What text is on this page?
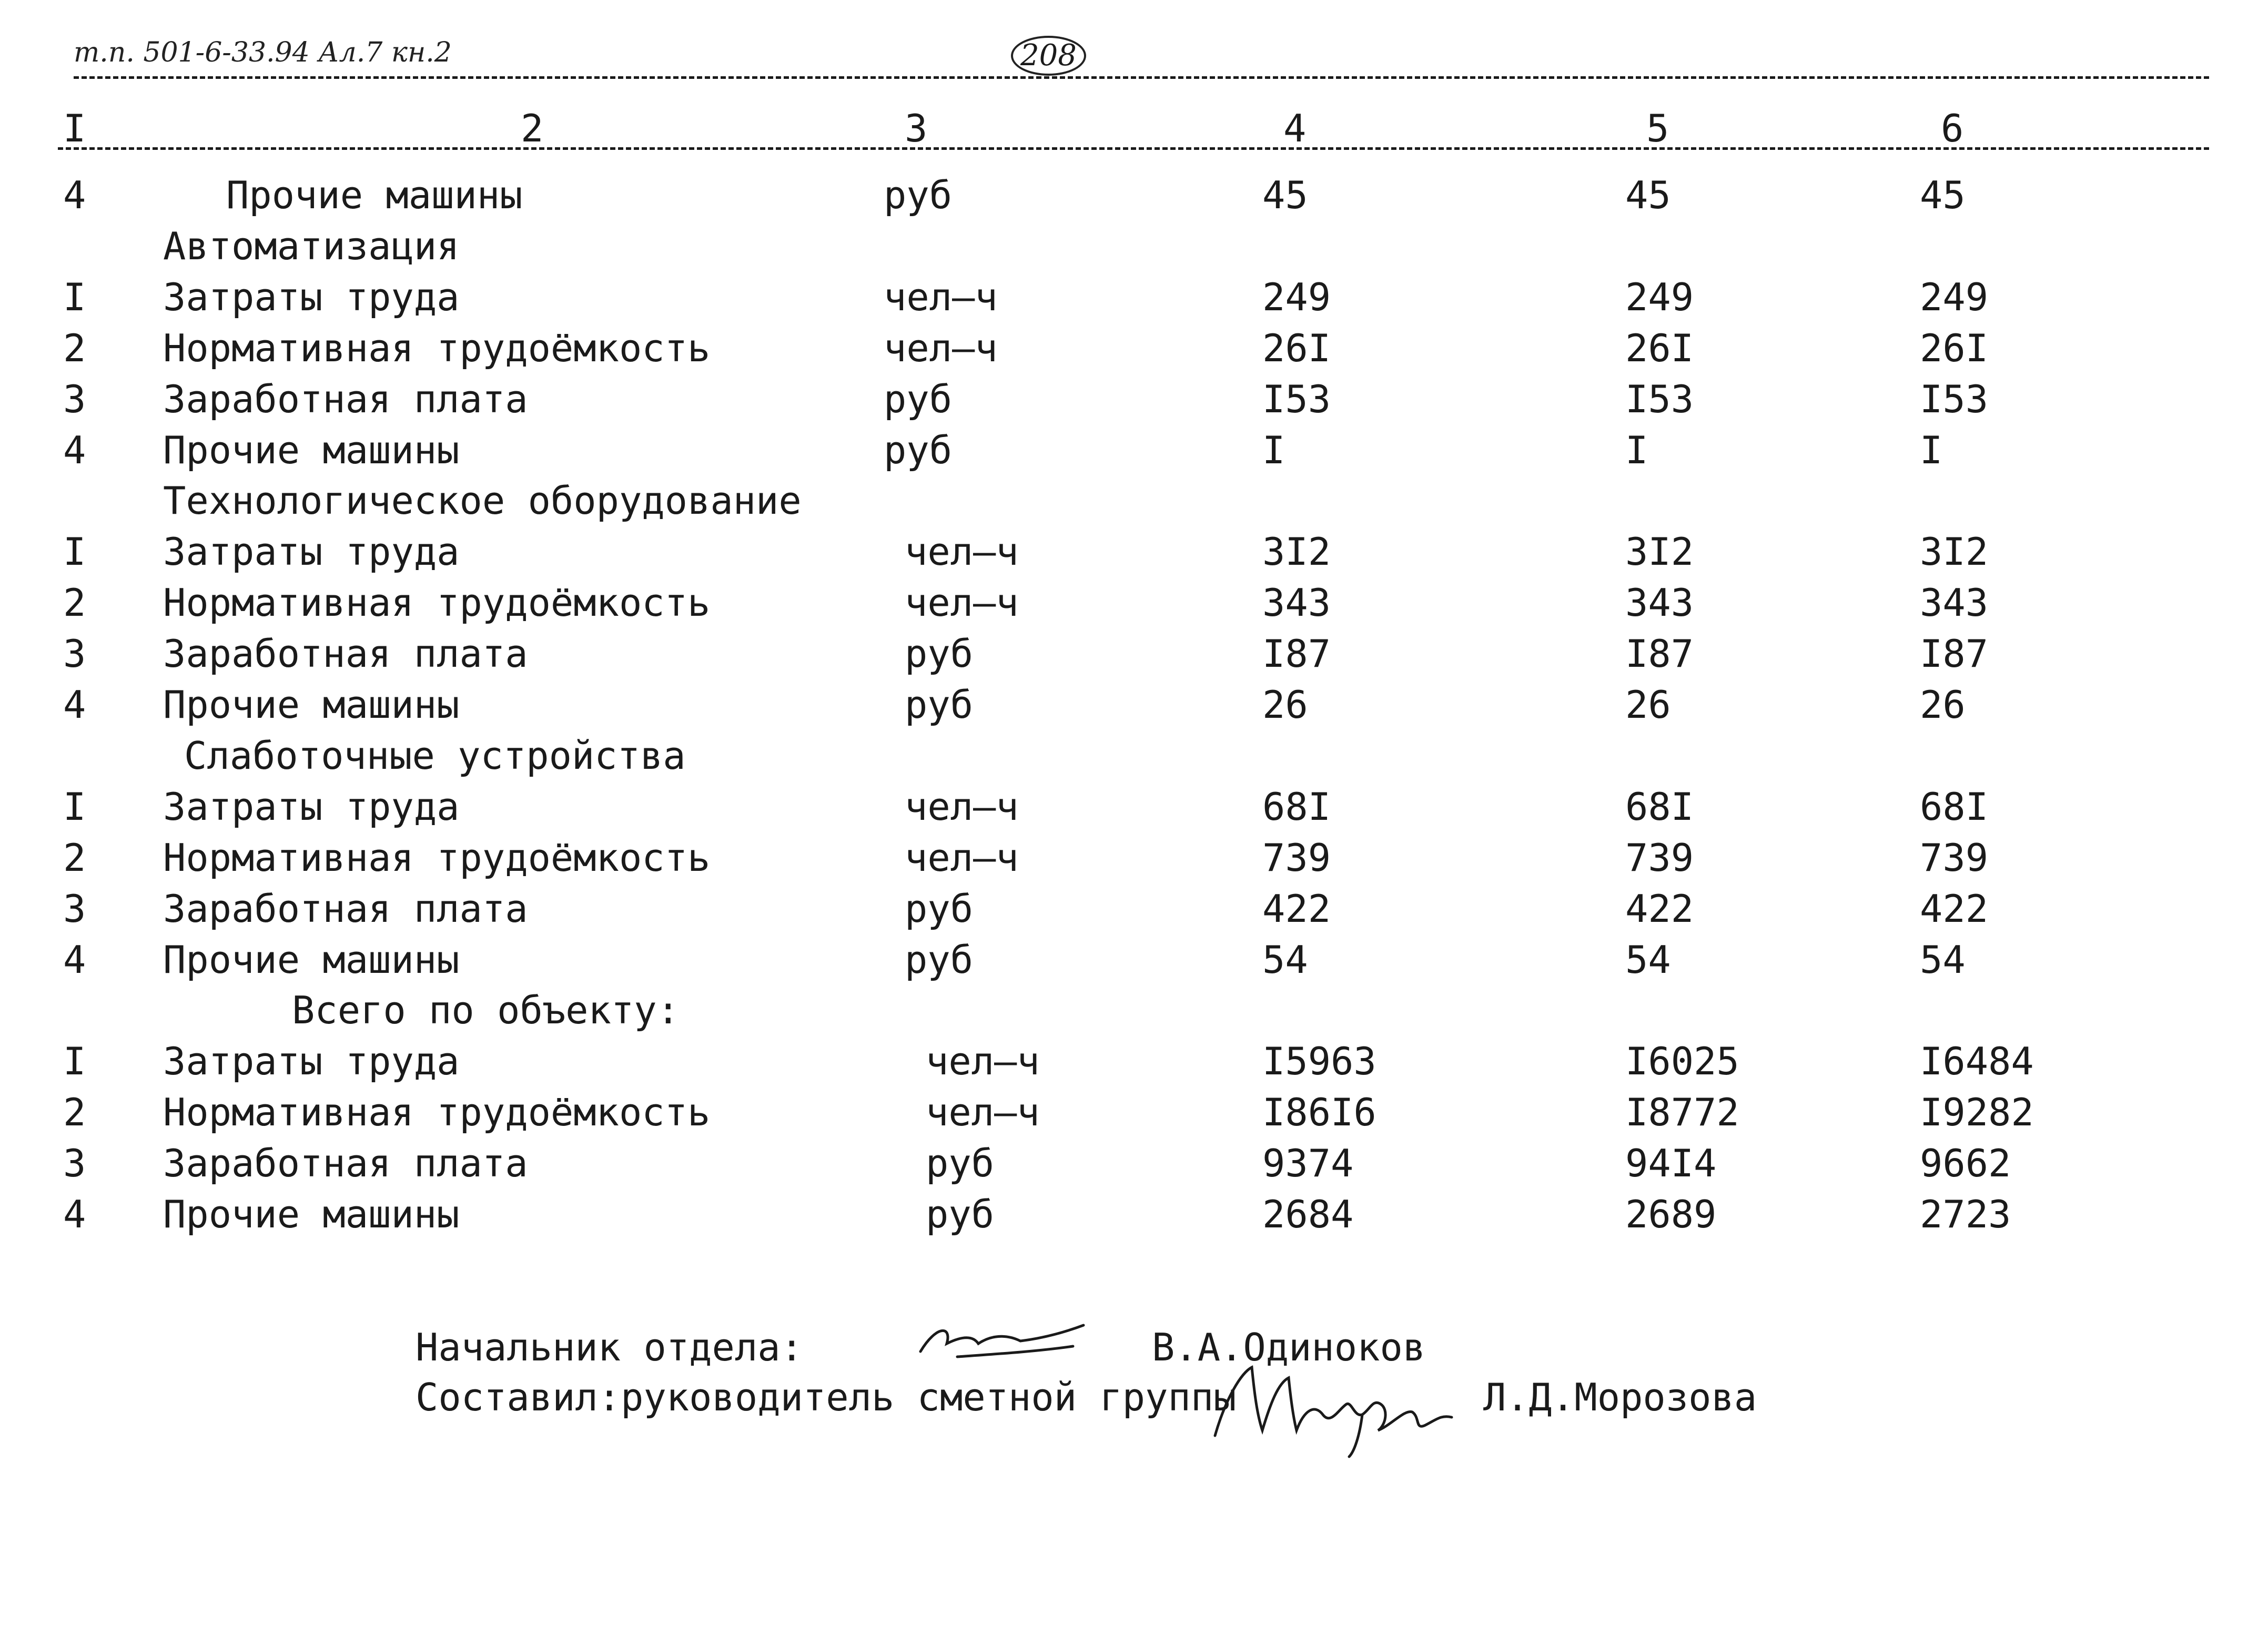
т.п. 501-6-33.94 Ал.7 кн.2	208
I	2	3	4	5	6
4	Прочие машины	руб	45	45	45
Автоматизация
I Затраты труда	чел–ч	249	249	249
2 Нормативная трудоёмкость	чел–ч	26I	26I	26I
3 Заработная плата	руб	I53	I53	I53
4 Прочие машины	руб	I	I	I
Технологическое оборудование
I Затраты труда	чел–ч	3I2	3I2	3I2
2 Нормативная трудоёмкость	чел–ч	343	343	343
3 Заработная плата	руб	I87	I87	I87
4 Прочие машины	руб	26	26	26
Слаботочные устройства
I Затраты труда	чел–ч	68I	68I	68I
2 Нормативная трудоёмкость	чел–ч	739	739	739
3 Заработная плата	руб	422	422	422
4 Прочие машины	руб	54	54	54
Всего по объекту:
I Затраты труда	чел–ч	I5963	I6025	I6484
2 Нормативная трудоёмкость	чел–ч	I86I6	I8772	I9282
3 Заработная плата	руб	9374	94I4	9662
4 Прочие машины	руб	2684	2689	2723
Начальник отдела:	В.А.Одиноков
Составил:руководитель сметной группы	Л.Д.Морозова
